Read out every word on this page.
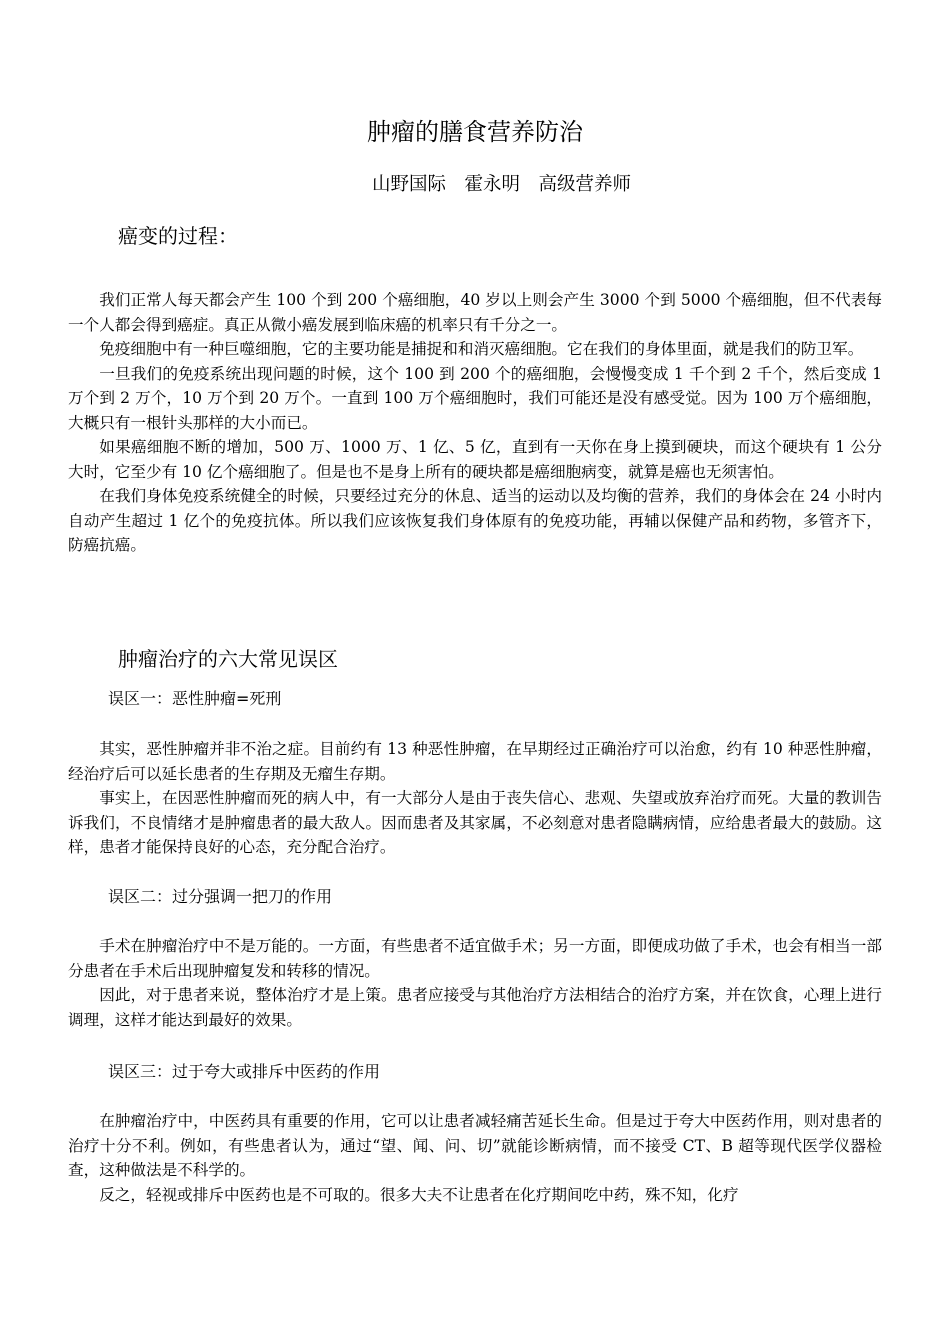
肿瘤的膳食营养防治
山野国际　霍永明　高级营养师
癌变的过程：

我们正常人每天都会产生 100 个到 200 个癌细胞，40 岁以上则会产生 3000 个到 5000 个癌细胞，但不代表每一个人都会得到癌症。真正从微小癌发展到临床癌的机率只有千分之一。

免疫细胞中有一种巨噬细胞，它的主要功能是捕捉和和消灭癌细胞。它在我们的身体里面，就是我们的防卫军。

一旦我们的免疫系统出现问题的时候，这个 100 到 200 个的癌细胞，会慢慢变成 1 千个到 2 千个，然后变成 1 万个到 2 万个，10 万个到 20 万个。一直到 100 万个癌细胞时，我们可能还是没有感受觉。因为 100 万个癌细胞，大概只有一根针头那样的大小而已。

如果癌细胞不断的增加，500 万、1000 万、1 亿、5 亿，直到有一天你在身上摸到硬块，而这个硬块有 1 公分大时，它至少有 10 亿个癌细胞了。但是也不是身上所有的硬块都是癌细胞病变，就算是癌也无须害怕。

在我们身体免疫系统健全的时候，只要经过充分的休息、适当的运动以及均衡的营养，我们的身体会在 24 小时内自动产生超过 1 亿个的免疫抗体。所以我们应该恢复我们身体原有的免疫功能，再辅以保健产品和药物，多管齐下，防癌抗癌。

肿瘤治疗的六大常见误区
误区一：恶性肿瘤=死刑

其实，恶性肿瘤并非不治之症。目前约有 13 种恶性肿瘤，在早期经过正确治疗可以治愈，约有 10 种恶性肿瘤，经治疗后可以延长患者的生存期及无瘤生存期。

事实上，在因恶性肿瘤而死的病人中，有一大部分人是由于丧失信心、悲观、失望或放弃治疗而死。大量的教训告诉我们，不良情绪才是肿瘤患者的最大敌人。因而患者及其家属，不必刻意对患者隐瞒病情，应给患者最大的鼓励。这样，患者才能保持良好的心态，充分配合治疗。

误区二：过分强调一把刀的作用

手术在肿瘤治疗中不是万能的。一方面，有些患者不适宜做手术；另一方面，即便成功做了手术，也会有相当一部分患者在手术后出现肿瘤复发和转移的情况。

因此，对于患者来说，整体治疗才是上策。患者应接受与其他治疗方法相结合的治疗方案，并在饮食，心理上进行调理，这样才能达到最好的效果。

误区三：过于夸大或排斥中医药的作用

在肿瘤治疗中，中医药具有重要的作用，它可以让患者减轻痛苦延长生命。但是过于夸大中医药作用，则对患者的治疗十分不利。例如，有些患者认为，通过“望、闻、问、切”就能诊断病情，而不接受 CT、B 超等现代医学仪器检查，这种做法是不科学的。

反之，轻视或排斥中医药也是不可取的。很多大夫不让患者在化疗期间吃中药，殊不知，化疗
